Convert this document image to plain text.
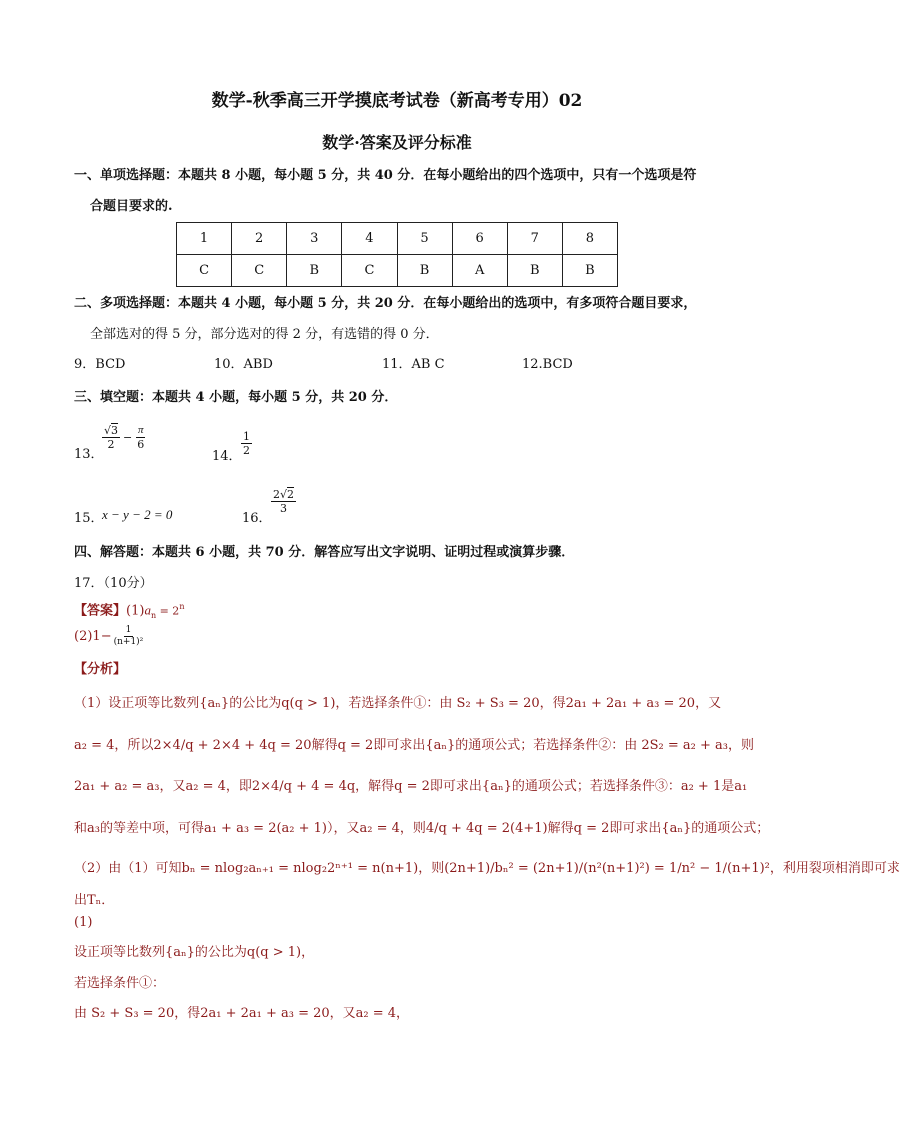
数学-秋季高三开学摸底考试卷（新高考专用）02
数学·答案及评分标准
一、单项选择题：本题共 8 小题，每小题 5 分，共 40 分．在每小题给出的四个选项中，只有一个选项是符
合题目要求的.
1	2	3	4	5	6	7	8
C	C	B	C	B	A	B	B
二、多项选择题：本题共 4 小题，每小题 5 分，共 20 分．在每小题给出的选项中，有多项符合题目要求，
全部选对的得 5 分，部分选对的得 2 分，有选错的得 0 分．
9．BCD	10．ABD	11．AB C	12.BCD
三、填空题：本题共 4 小题，每小题 5 分，共 20 分．
13．
$\frac{√3}{2} - \frac{\pi}{6}$
14． $\frac{1}{2}$
15．
x − y − 2 = 0	16．
$\frac{2√2}{3}$
四、解答题：本题共 6 小题，共 70 分．解答应写出文字说明、证明过程或演算步骤．
17．（10分）
【答案】$(1)a_n = 2^n$
(2) $1- \frac{1}{\text{(n+1)²}}$
【分析】
（1）设正项等比数列{aₙ}的公比为q(q > 1)，若选择条件①：由 S₂ + S₃ = 20，得2a₁ + 2a₁ + a₃ = 20，又
a₂ = 4，所以2×4/q + 2×4 + 4q = 20解得q = 2即可求出{aₙ}的通项公式；若选择条件②：由 2S₂ = a₂ + a₃，则
2a₁ + a₂ = a₃，又a₂ = 4，即2×4/q + 4 = 4q，解得q = 2即可求出{aₙ}的通项公式；若选择条件③：a₂ + 1是a₁
和a₃的等差中项，可得a₁ + a₃ = 2(a₂ + 1)），又a₂ = 4，则4/q + 4q = 2(4+1)解得q = 2即可求出{aₙ}的通项公式；
（2）由（1）可知bₙ = nlog₂aₙ₊₁ = nlog₂2ⁿ⁺¹ = n(n+1)，则(2n+1)/bₙ² = (2n+1)/(n²(n+1)²) = 1/n² − 1/(n+1)²，利用裂项相消即可求
出Tₙ．
(1)
设正项等比数列{aₙ}的公比为q(q > 1)，
若选择条件①：
由 S₂ + S₃ = 20，得2a₁ + 2a₁ + a₃ = 20，又a₂ = 4，
